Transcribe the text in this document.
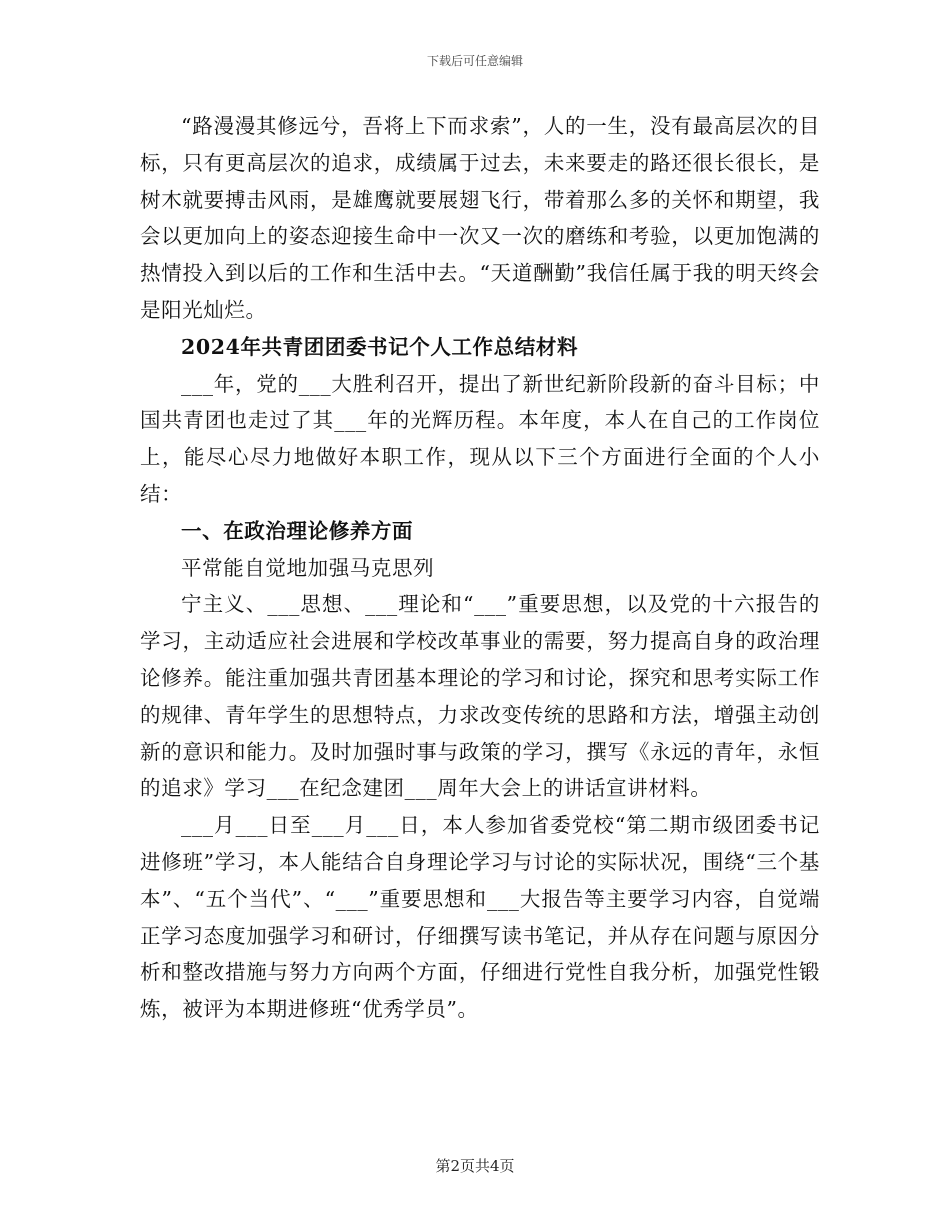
下载后可任意编辑

“路漫漫其修远兮，吾将上下而求索”，人的一生，没有最高层次的目标，只有更高层次的追求，成绩属于过去，未来要走的路还很长很长，是树木就要搏击风雨，是雄鹰就要展翅飞行，带着那么多的关怀和期望，我会以更加向上的姿态迎接生命中一次又一次的磨练和考验，以更加饱满的热情投入到以后的工作和生活中去。“天道酬勤”我信任属于我的明天终会是阳光灿烂。

2024年共青团团委书记个人工作总结材料

___年，党的___大胜利召开，提出了新世纪新阶段新的奋斗目标；中国共青团也走过了其___年的光辉历程。本年度，本人在自己的工作岗位上，能尽心尽力地做好本职工作，现从以下三个方面进行全面的个人小结：

一、在政治理论修养方面

平常能自觉地加强马克思列

宁主义、___思想、___理论和“___”重要思想，以及党的十六报告的学习，主动适应社会进展和学校改革事业的需要，努力提高自身的政治理论修养。能注重加强共青团基本理论的学习和讨论，探究和思考实际工作的规律、青年学生的思想特点，力求改变传统的思路和方法，增强主动创新的意识和能力。及时加强时事与政策的学习，撰写《永远的青年，永恒的追求》学习___在纪念建团___周年大会上的讲话宣讲材料。

___月___日至___月___日，本人参加省委党校“第二期市级团委书记进修班”学习，本人能结合自身理论学习与讨论的实际状况，围绕“三个基本”、“五个当代”、“___”重要思想和___大报告等主要学习内容，自觉端正学习态度加强学习和研讨，仔细撰写读书笔记，并从存在问题与原因分析和整改措施与努力方向两个方面，仔细进行党性自我分析，加强党性锻炼，被评为本期进修班“优秀学员”。

第2页共4页
